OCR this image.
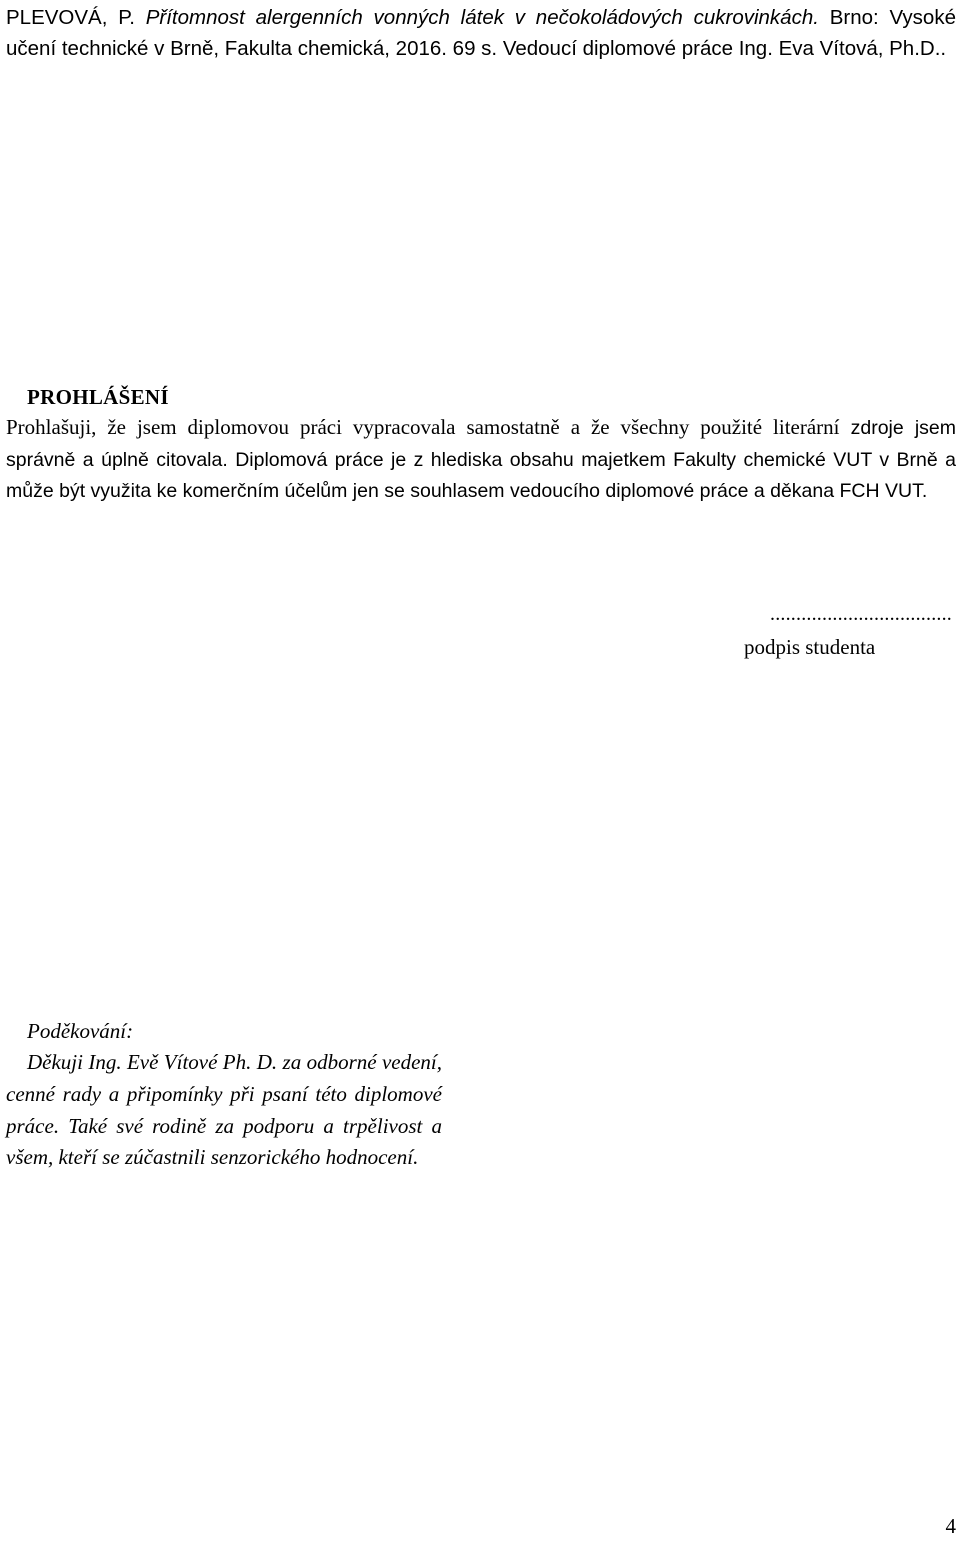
PLEVOVÁ, P. Přítomnost alergenních vonných látek v nečokoládových cukrovinkách. Brno: Vysoké učení technické v Brně, Fakulta chemická, 2016. 69 s. Vedoucí diplomové práce Ing. Eva Vítová, Ph.D..
PROHLÁŠENÍ
Prohlašuji, že jsem diplomovou práci vypracovala samostatně a že všechny použité literární zdroje jsem správně a úplně citovala. Diplomová práce je z hlediska obsahu majetkem Fakulty chemické VUT v Brně a může být využita ke komerčním účelům jen se souhlasem vedoucího diplomové práce a děkana FCH VUT.
...................................
podpis studenta
Poděkování:
Děkuji Ing. Evě Vítové Ph. D. za odborné vedení, cenné rady a připomínky při psaní této diplomové práce. Také své rodině za podporu a trpělivost a všem, kteří se zúčastnili senzorického hodnocení.
4
